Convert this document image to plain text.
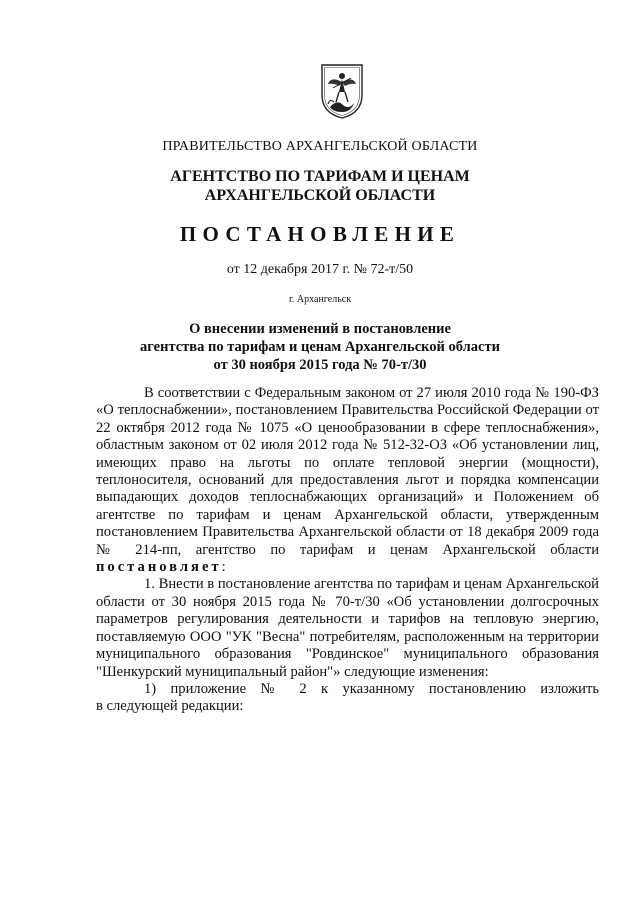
ПРАВИТЕЛЬСТВО АРХАНГЕЛЬСКОЙ ОБЛАСТИ
АГЕНТСТВО ПО ТАРИФАМ И ЦЕНАМ
АРХАНГЕЛЬСКОЙ ОБЛАСТИ
ПОСТАНОВЛЕНИЕ
от 12 декабря 2017 г. № 72-т/50
г. Архангельск
О внесении изменений в постановление
агентства по тарифам и ценам Архангельской области
от 30 ноября 2015 года № 70-т/30

В соответствии с Федеральным законом от 27 июля 2010 года № 190-ФЗ «О теплоснабжении», постановлением Правительства Российской Федерации от 22 октября 2012 года № 1075 «О ценообразовании в сфере теплоснабжения», областным законом от 02 июля 2012 года № 512-32-ОЗ «Об установлении лиц, имеющих право на льготы по оплате тепловой энергии (мощности), теплоносителя, оснований для предоставления льгот и порядка компенсации выпадающих доходов теплоснабжающих организаций» и Положением об агентстве по тарифам и ценам Архангельской области, утвержденным постановлением Правительства Архангельской области от 18 декабря 2009 года № 214-пп, агентство по тарифам и ценам Архангельской области постановляет:

1. Внести в постановление агентства по тарифам и ценам Архангельской области от 30 ноября 2015 года № 70-т/30 «Об установлении долгосрочных параметров регулирования деятельности и тарифов на тепловую энергию, поставляемую ООО "УК "Весна" потребителям, расположенным на территории муниципального образования "Ровдинское" муниципального образования "Шенкурский муниципальный район"» следующие изменения:

1) приложение № 2 к указанному постановлению изложить

в следующей редакции:
